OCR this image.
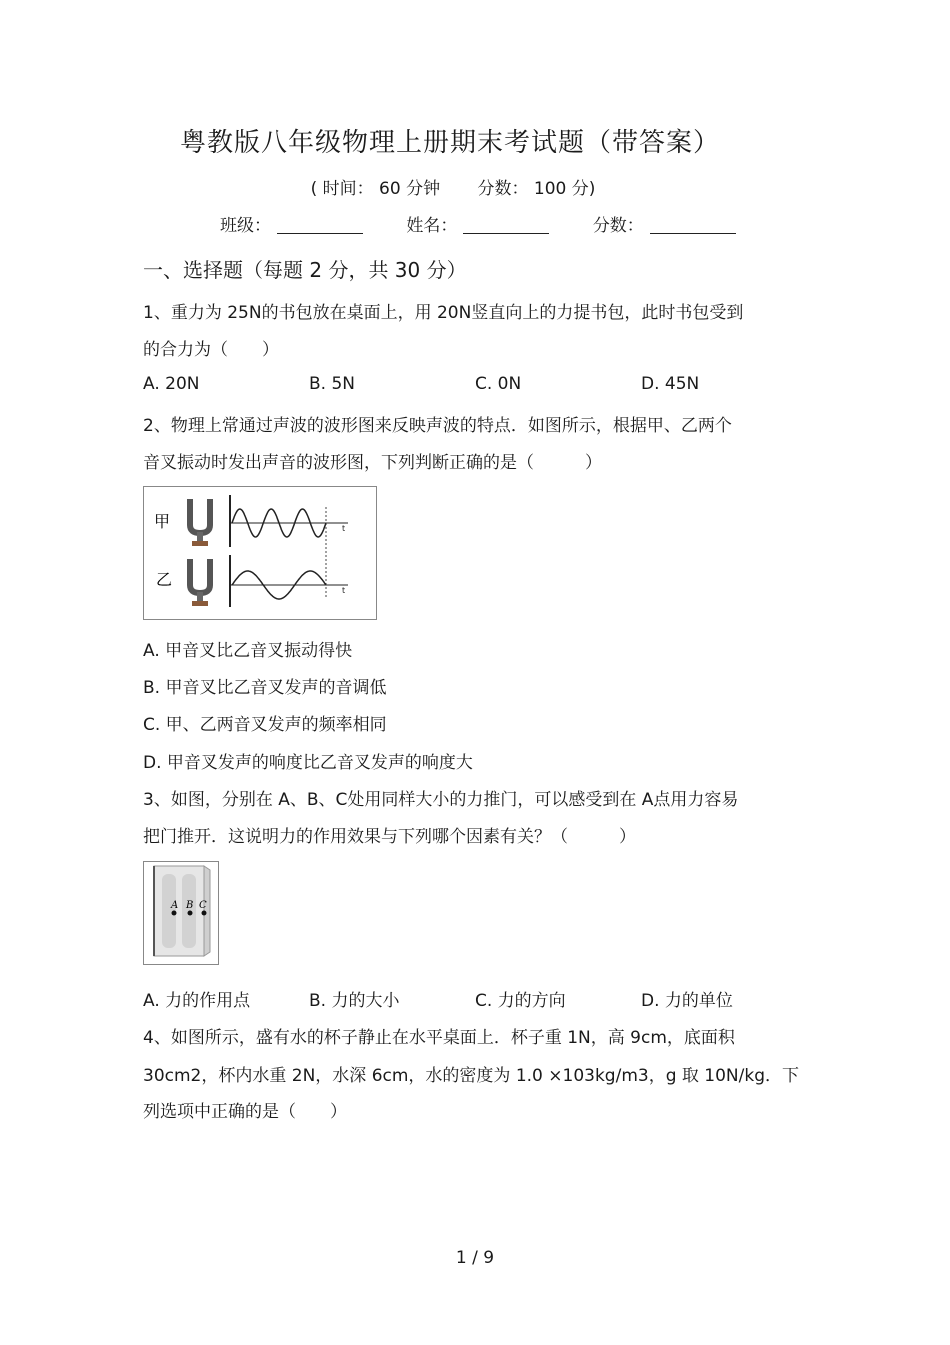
粤教版八年级物理上册期末考试题（带答案）
( 时间： 60 分钟 分数： 100 分)
班级：	姓名：	分数：
一、选择题（每题 2 分，共 30 分）
1、重力为 25N的书包放在桌面上，用 20N竖直向上的力提书包，此时书包受到
的合力为（　　）
A. 20N	B. 5N	C. 0N	D. 45N
2、物理上常通过声波的波形图来反映声波的特点．如图所示，根据甲、乙两个
音叉振动时发出声音的波形图，下列判断正确的是（　　　）
甲
乙
t
t
A. 甲音叉比乙音叉振动得快
B. 甲音叉比乙音叉发声的音调低
C. 甲、乙两音叉发声的频率相同
D. 甲音叉发声的响度比乙音叉发声的响度大
3、如图，分别在 A、B、C处用同样大小的力推门，可以感受到在 A点用力容易
把门推开．这说明力的作用效果与下列哪个因素有关？（　　　）
A B C
A. 力的作用点	B. 力的大小	C. 力的方向	D. 力的单位
4、如图所示，盛有水的杯子静止在水平桌面上．杯子重 1N，高 9cm，底面积
30cm2，杯内水重 2N，水深 6cm，水的密度为 1.0 ×103kg/m3，g 取 10N/kg．下
列选项中正确的是（　　）
1 / 9
